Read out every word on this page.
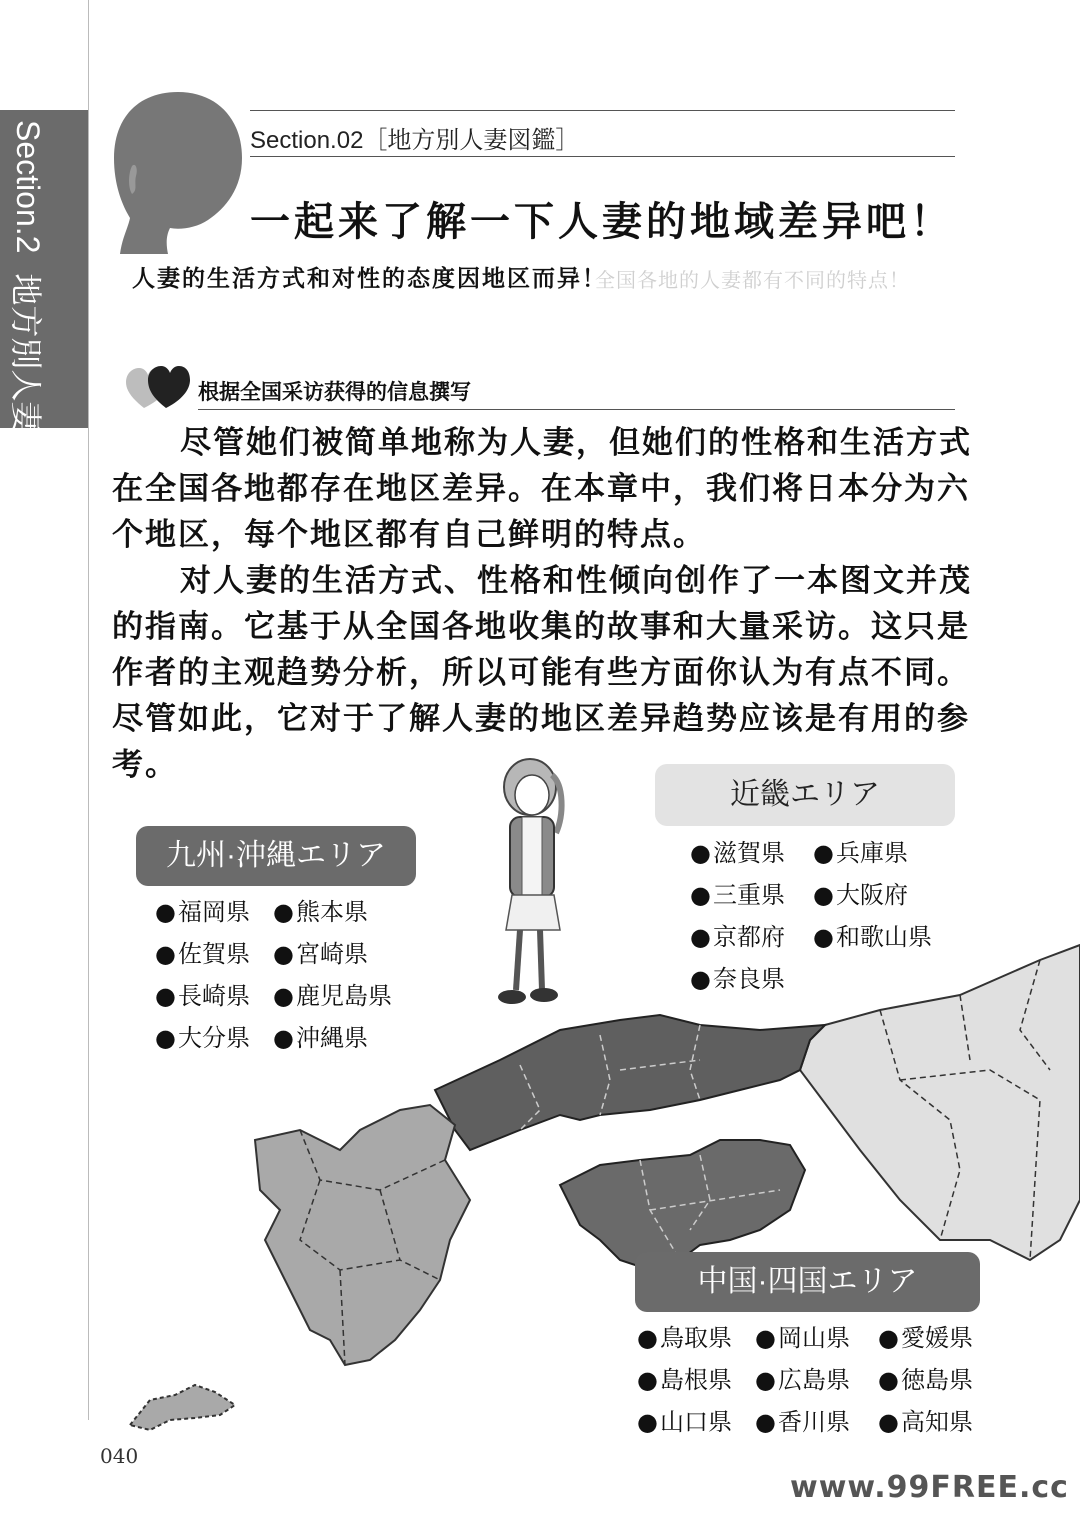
Section.2
地方別人妻図鑑
Section.02［地方別人妻図鑑］
一起来了解一下人妻的地域差异吧！
人妻的生活方式和对性的态度因地区而异！
全国各地的人妻都有不同的特点！
根据全国采访获得的信息撰写

尽管她们被简单地称为人妻，但她们的性格和生活方式在全国各地都存在地区差异。在本章中，我们将日本分为六个地区，每个地区都有自己鲜明的特点。

对人妻的生活方式、性格和性倾向创作了一本图文并茂的指南。它基于从全国各地收集的故事和大量采访。这只是作者的主观趋势分析，所以可能有些方面你认为有点不同。尽管如此，它对于了解人妻的地区差异趋势应该是有用的参考。

九州·沖縄エリア
● 福岡県	● 熊本県
● 佐賀県	● 宮崎県
● 長崎県	● 鹿児島県
● 大分県	● 沖縄県
近畿エリア
● 滋賀県	● 兵庫県
● 三重県	● 大阪府
● 京都府	● 和歌山県
● 奈良県
中国·四国エリア
● 鳥取県	● 岡山県	● 愛媛県
● 島根県	● 広島県	● 徳島県
● 山口県	● 香川県	● 高知県
040
www.99FREE.cc
